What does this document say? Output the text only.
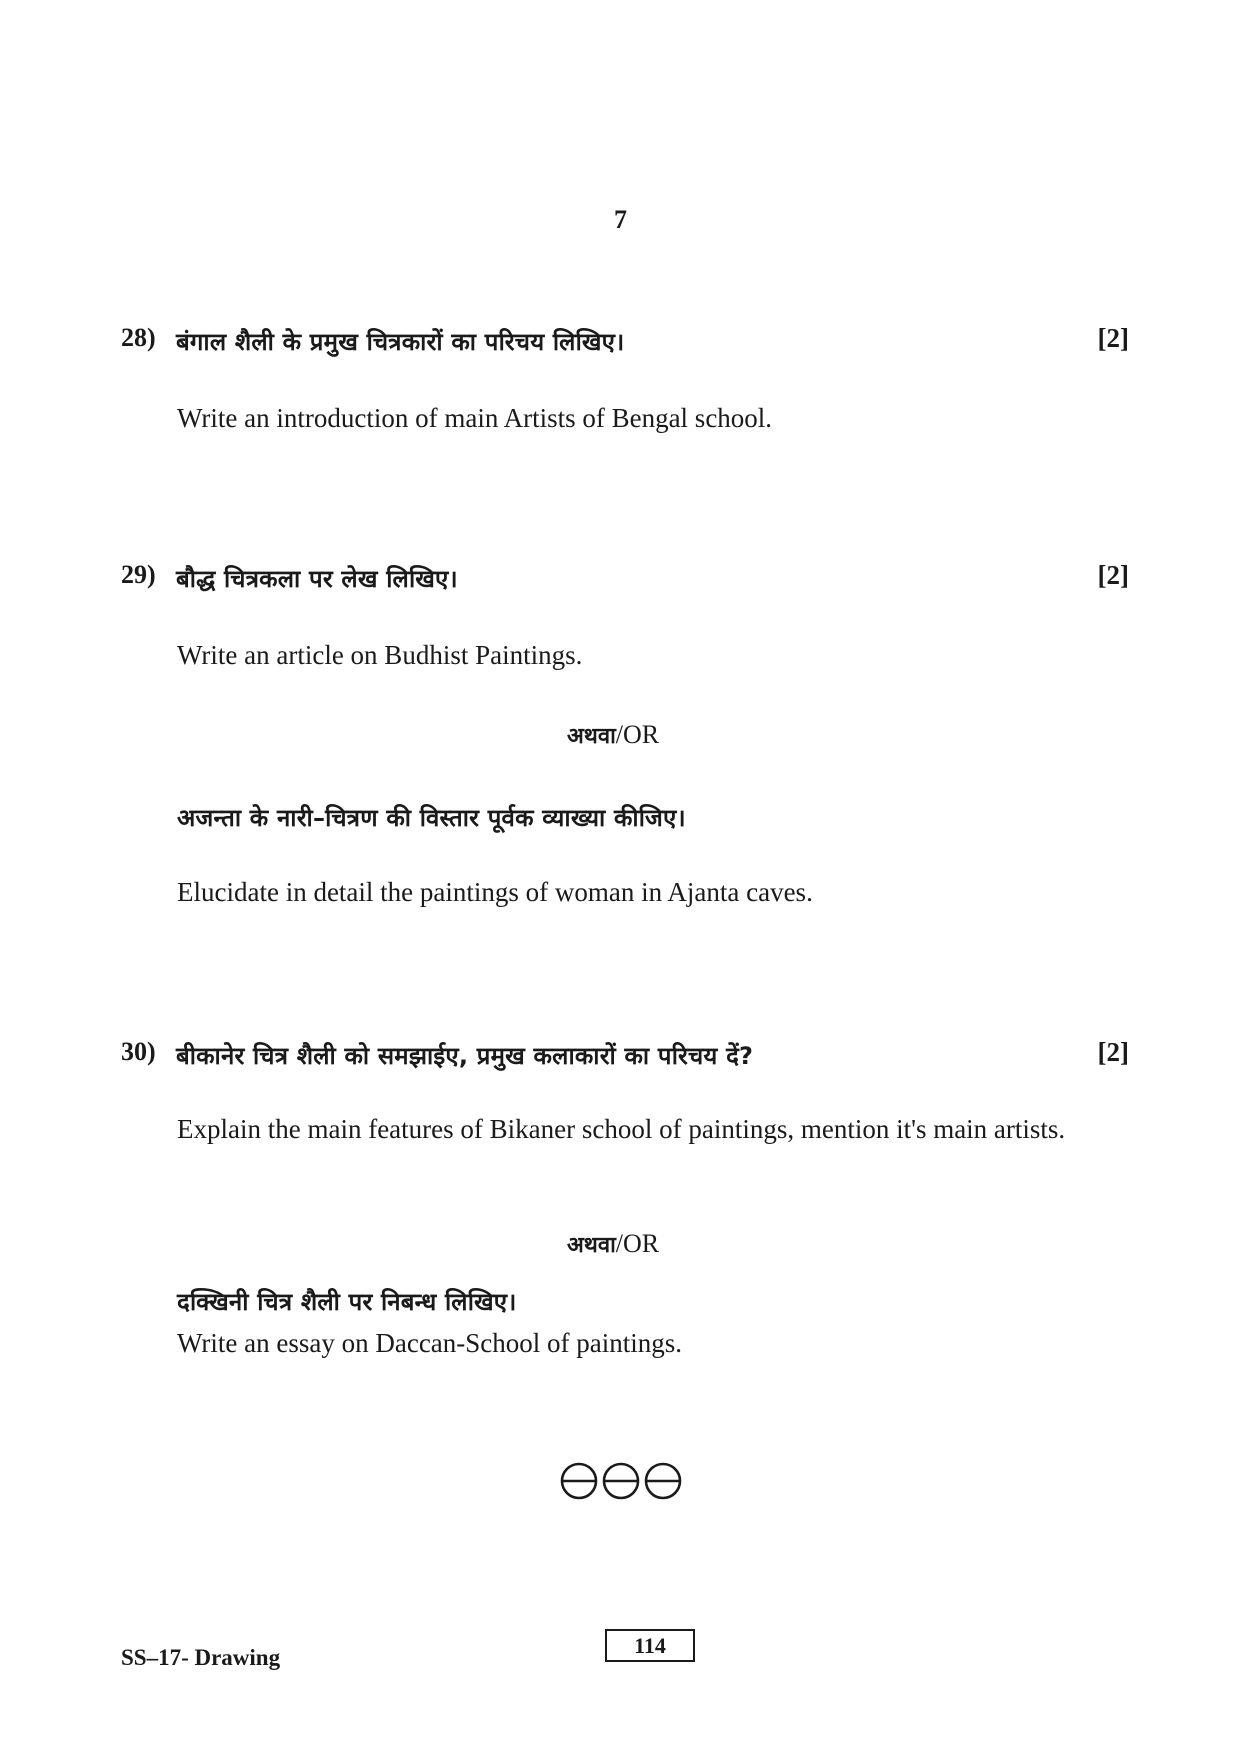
7
28) बंगाल शैली के प्रमुख चित्रकारों का परिचय लिखिए।	[2]
Write an introduction of main Artists of Bengal school.
29) बौद्ध चित्रकला पर लेख लिखिए।	[2]
Write an article on Budhist Paintings.
अथवा/OR
अजन्ता के नारी–चित्रण की विस्तार पूर्वक व्याख्या कीजिए।
Elucidate in detail the paintings of woman in Ajanta caves.
30) बीकानेर चित्र शैली को समझाईए, प्रमुख कलाकारों का परिचय दें?	[2]
Explain the main features of Bikaner school of paintings, mention it's main artists.
अथवा/OR
दक्खिनी चित्र शैली पर निबन्ध लिखिए।
Write an essay on Daccan-School of paintings.
SS–17- Drawing	114
